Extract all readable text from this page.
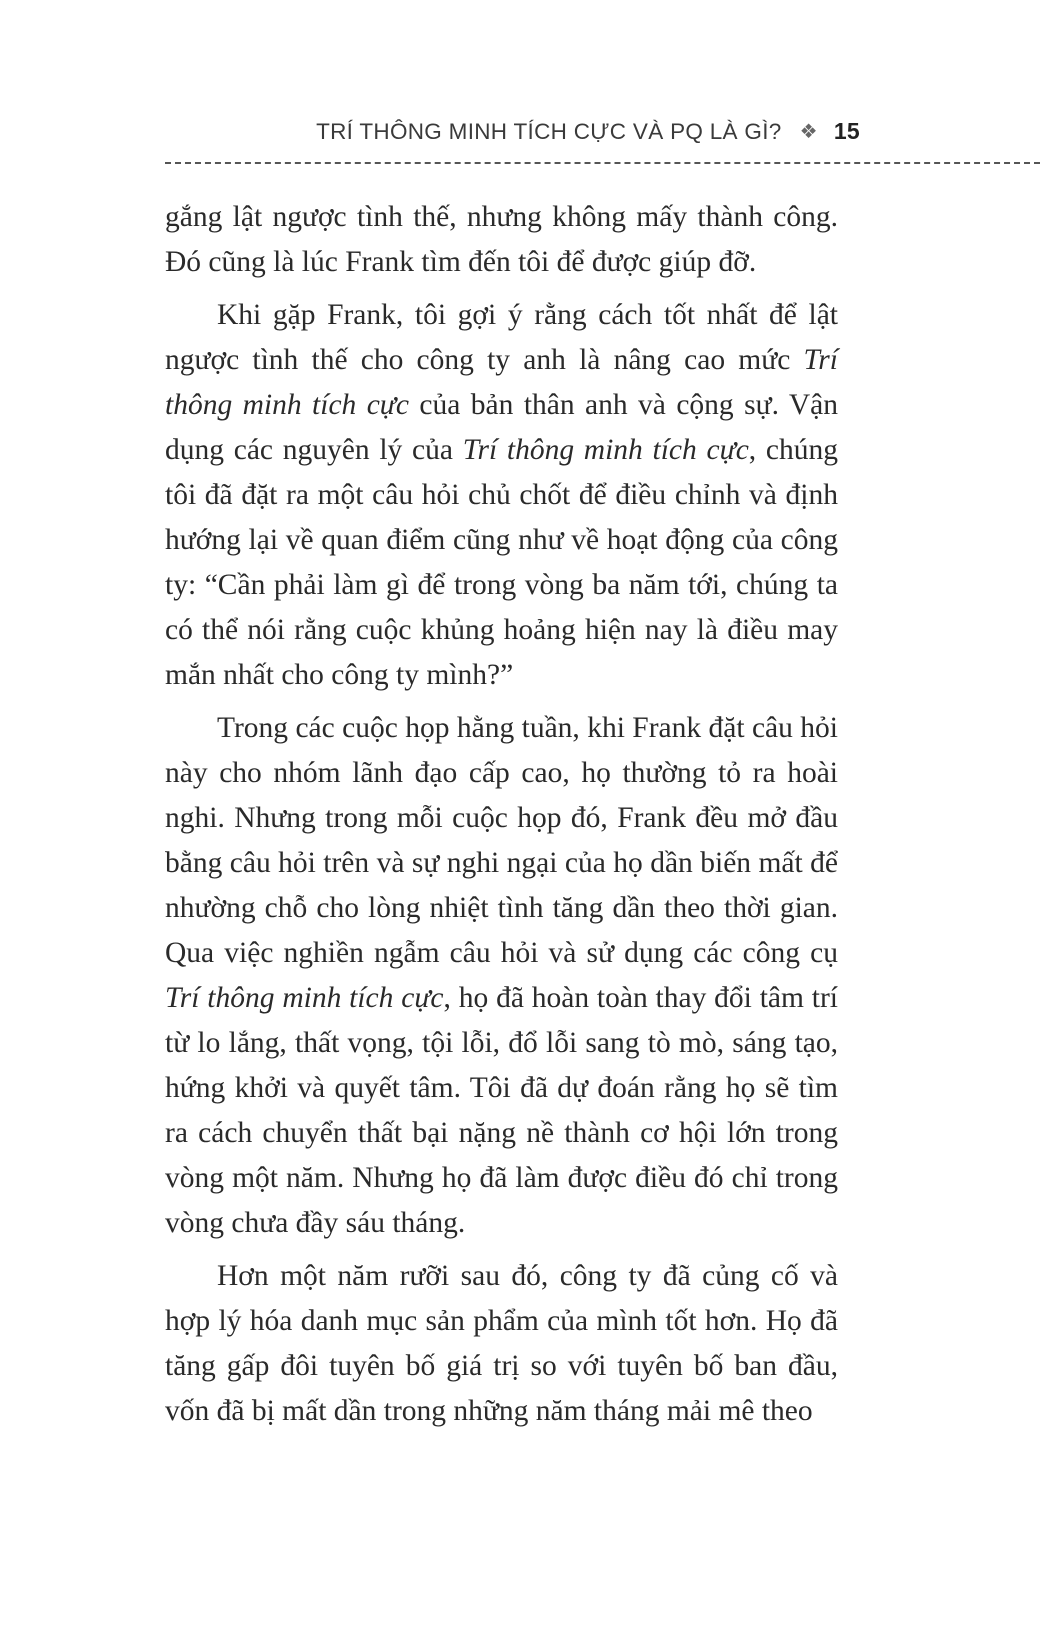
TRÍ THÔNG MINH TÍCH CỰC VÀ PQ LÀ GÌ? ❖ 15

gắng lật ngược tình thế, nhưng không mấy thành công. Đó cũng là lúc Frank tìm đến tôi để được giúp đỡ.

Khi gặp Frank, tôi gợi ý rằng cách tốt nhất để lật ngược tình thế cho công ty anh là nâng cao mức Trí thông minh tích cực của bản thân anh và cộng sự. Vận dụng các nguyên lý của Trí thông minh tích cực, chúng tôi đã đặt ra một câu hỏi chủ chốt để điều chỉnh và định hướng lại về quan điểm cũng như về hoạt động của công ty: “Cần phải làm gì để trong vòng ba năm tới, chúng ta có thể nói rằng cuộc khủng hoảng hiện nay là điều may mắn nhất cho công ty mình?”

Trong các cuộc họp hằng tuần, khi Frank đặt câu hỏi này cho nhóm lãnh đạo cấp cao, họ thường tỏ ra hoài nghi. Nhưng trong mỗi cuộc họp đó, Frank đều mở đầu bằng câu hỏi trên và sự nghi ngại của họ dần biến mất để nhường chỗ cho lòng nhiệt tình tăng dần theo thời gian. Qua việc nghiền ngẫm câu hỏi và sử dụng các công cụ Trí thông minh tích cực, họ đã hoàn toàn thay đổi tâm trí từ lo lắng, thất vọng, tội lỗi, đổ lỗi sang tò mò, sáng tạo, hứng khởi và quyết tâm. Tôi đã dự đoán rằng họ sẽ tìm ra cách chuyển thất bại nặng nề thành cơ hội lớn trong vòng một năm. Nhưng họ đã làm được điều đó chỉ trong vòng chưa đầy sáu tháng.

Hơn một năm rưỡi sau đó, công ty đã củng cố và hợp lý hóa danh mục sản phẩm của mình tốt hơn. Họ đã tăng gấp đôi tuyên bố giá trị so với tuyên bố ban đầu, vốn đã bị mất dần trong những năm tháng mải mê theo
